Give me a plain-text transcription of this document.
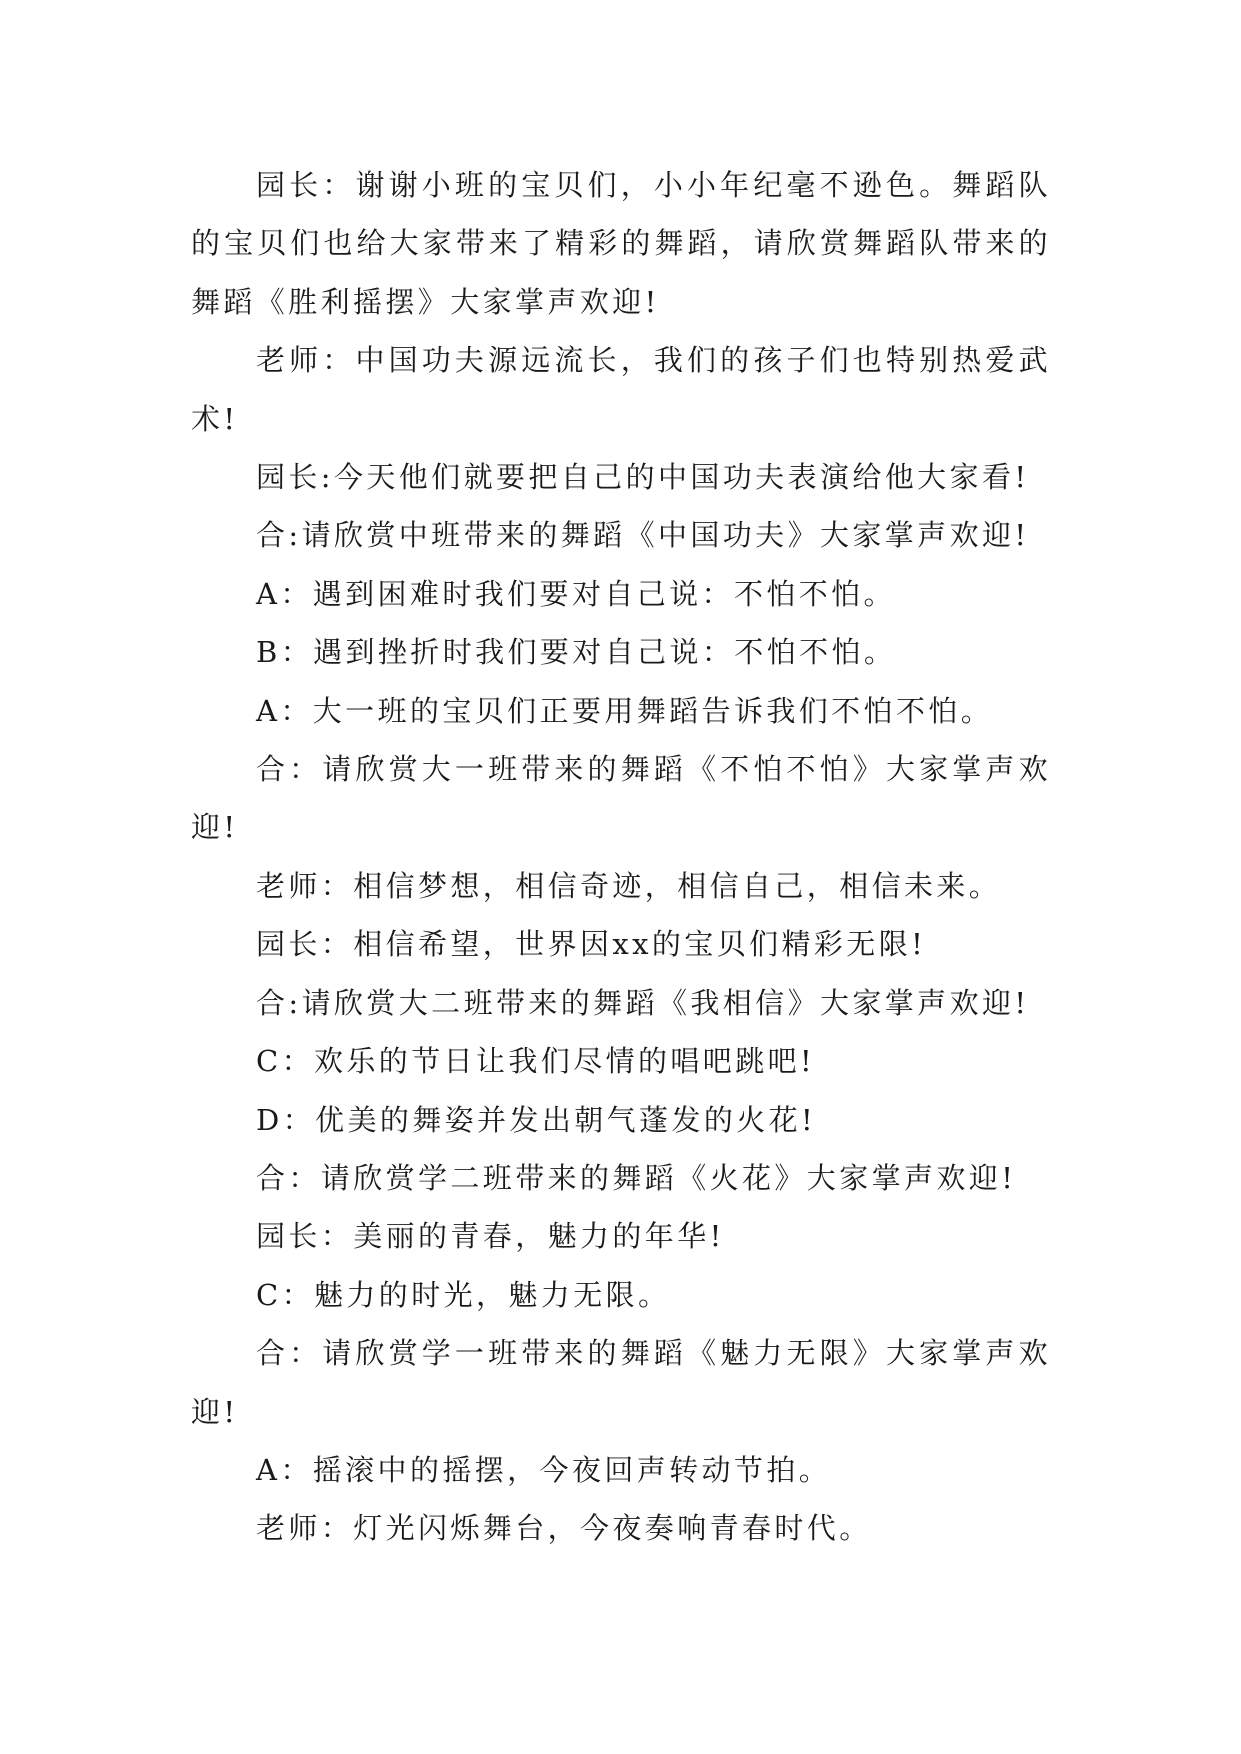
园长：谢谢小班的宝贝们，小小年纪毫不逊色。舞蹈队的宝贝们也给大家带来了精彩的舞蹈，请欣赏舞蹈队带来的舞蹈《胜利摇摆》大家掌声欢迎!

老师：中国功夫源远流长，我们的孩子们也特别热爱武术!

园长:今天他们就要把自己的中国功夫表演给他大家看!

合:请欣赏中班带来的舞蹈《中国功夫》大家掌声欢迎!

A：遇到困难时我们要对自己说：不怕不怕。

B：遇到挫折时我们要对自己说：不怕不怕。

A：大一班的宝贝们正要用舞蹈告诉我们不怕不怕。

合：请欣赏大一班带来的舞蹈《不怕不怕》大家掌声欢迎!

老师：相信梦想，相信奇迹，相信自己，相信未来。

园长：相信希望，世界因xx的宝贝们精彩无限!

合:请欣赏大二班带来的舞蹈《我相信》大家掌声欢迎!

C：欢乐的节日让我们尽情的唱吧跳吧!

D：优美的舞姿并发出朝气蓬发的火花!

合：请欣赏学二班带来的舞蹈《火花》大家掌声欢迎!

园长：美丽的青春，魅力的年华!

C：魅力的时光，魅力无限。

合：请欣赏学一班带来的舞蹈《魅力无限》大家掌声欢迎!

A：摇滚中的摇摆，今夜回声转动节拍。

老师：灯光闪烁舞台，今夜奏响青春时代。
